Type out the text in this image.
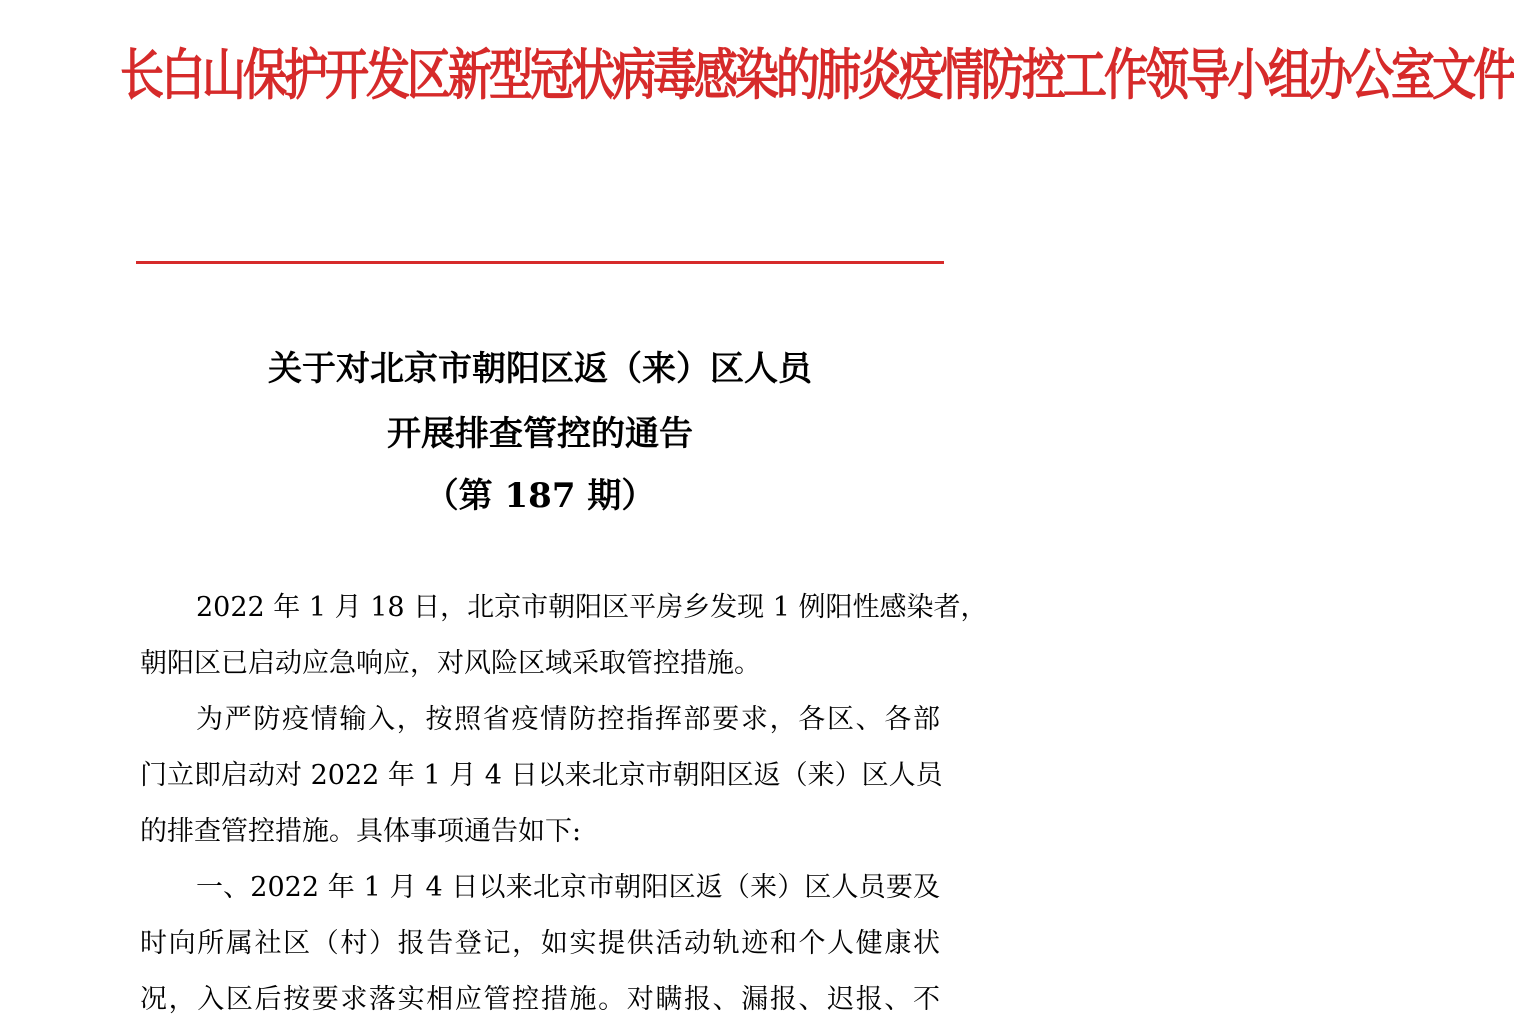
长白山保护开发区新型冠状病毒感染的肺炎疫情防控工作领导小组办公室文件
关于对北京市朝阳区返（来）区人员
开展排查管控的通告
（第 187 期）
2022 年 1 月 18 日，北京市朝阳区平房乡发现 1 例阳性感染者，
朝阳区已启动应急响应，对风险区域采取管控措施。
为严防疫情输入，按照省疫情防控指挥部要求，各区、各部
门立即启动对 2022 年 1 月 4 日以来北京市朝阳区返（来）区人员
的排查管控措施。具体事项通告如下:
一、2022 年 1 月 4 日以来北京市朝阳区返（来）区人员要及
时向所属社区（村）报告登记，如实提供活动轨迹和个人健康状
况，入区后按要求落实相应管控措施。对瞒报、漏报、迟报、不
